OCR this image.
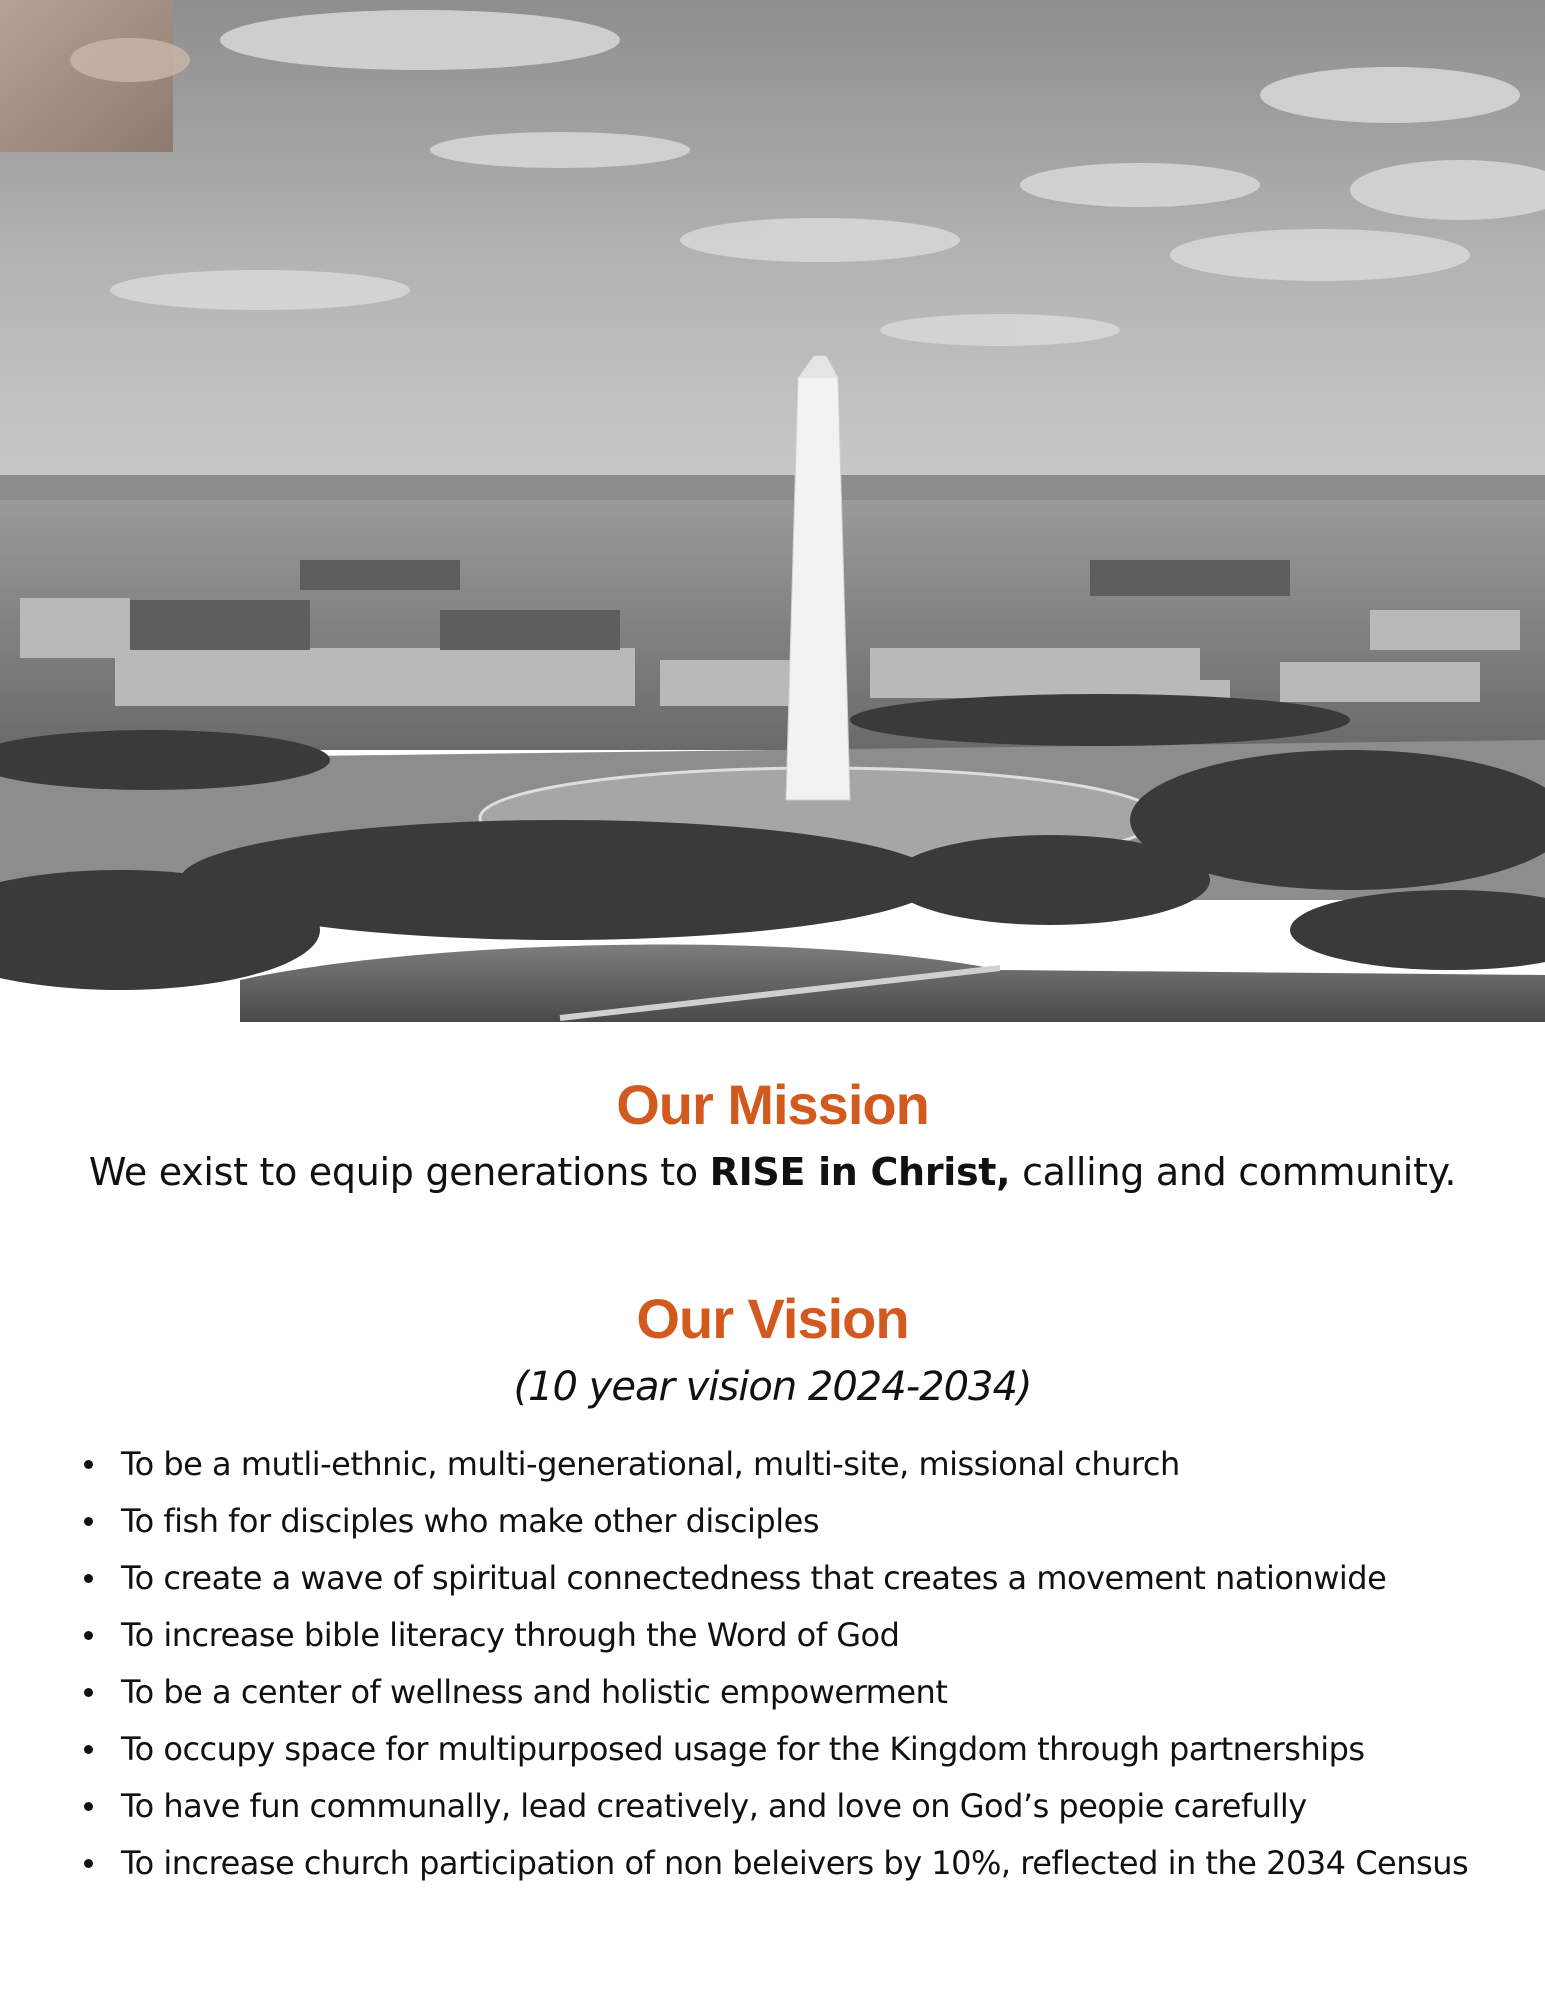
Our Mission

We exist to equip generations to RISE in Christ, calling and community.

Our Vision

(10 year vision 2024-2034)

To be a mutli-ethnic, multi-generational, multi-site, missional church
To fish for disciples who make other disciples
To create a wave of spiritual connectedness that creates a movement nationwide
To increase bible literacy through the Word of God
To be a center of wellness and holistic empowerment
To occupy space for multipurposed usage for the Kingdom through partnerships
To have fun communally, lead creatively, and love on God’s peopie carefully
To increase church participation of non beleivers by 10%, reflected in the 2034 Census
